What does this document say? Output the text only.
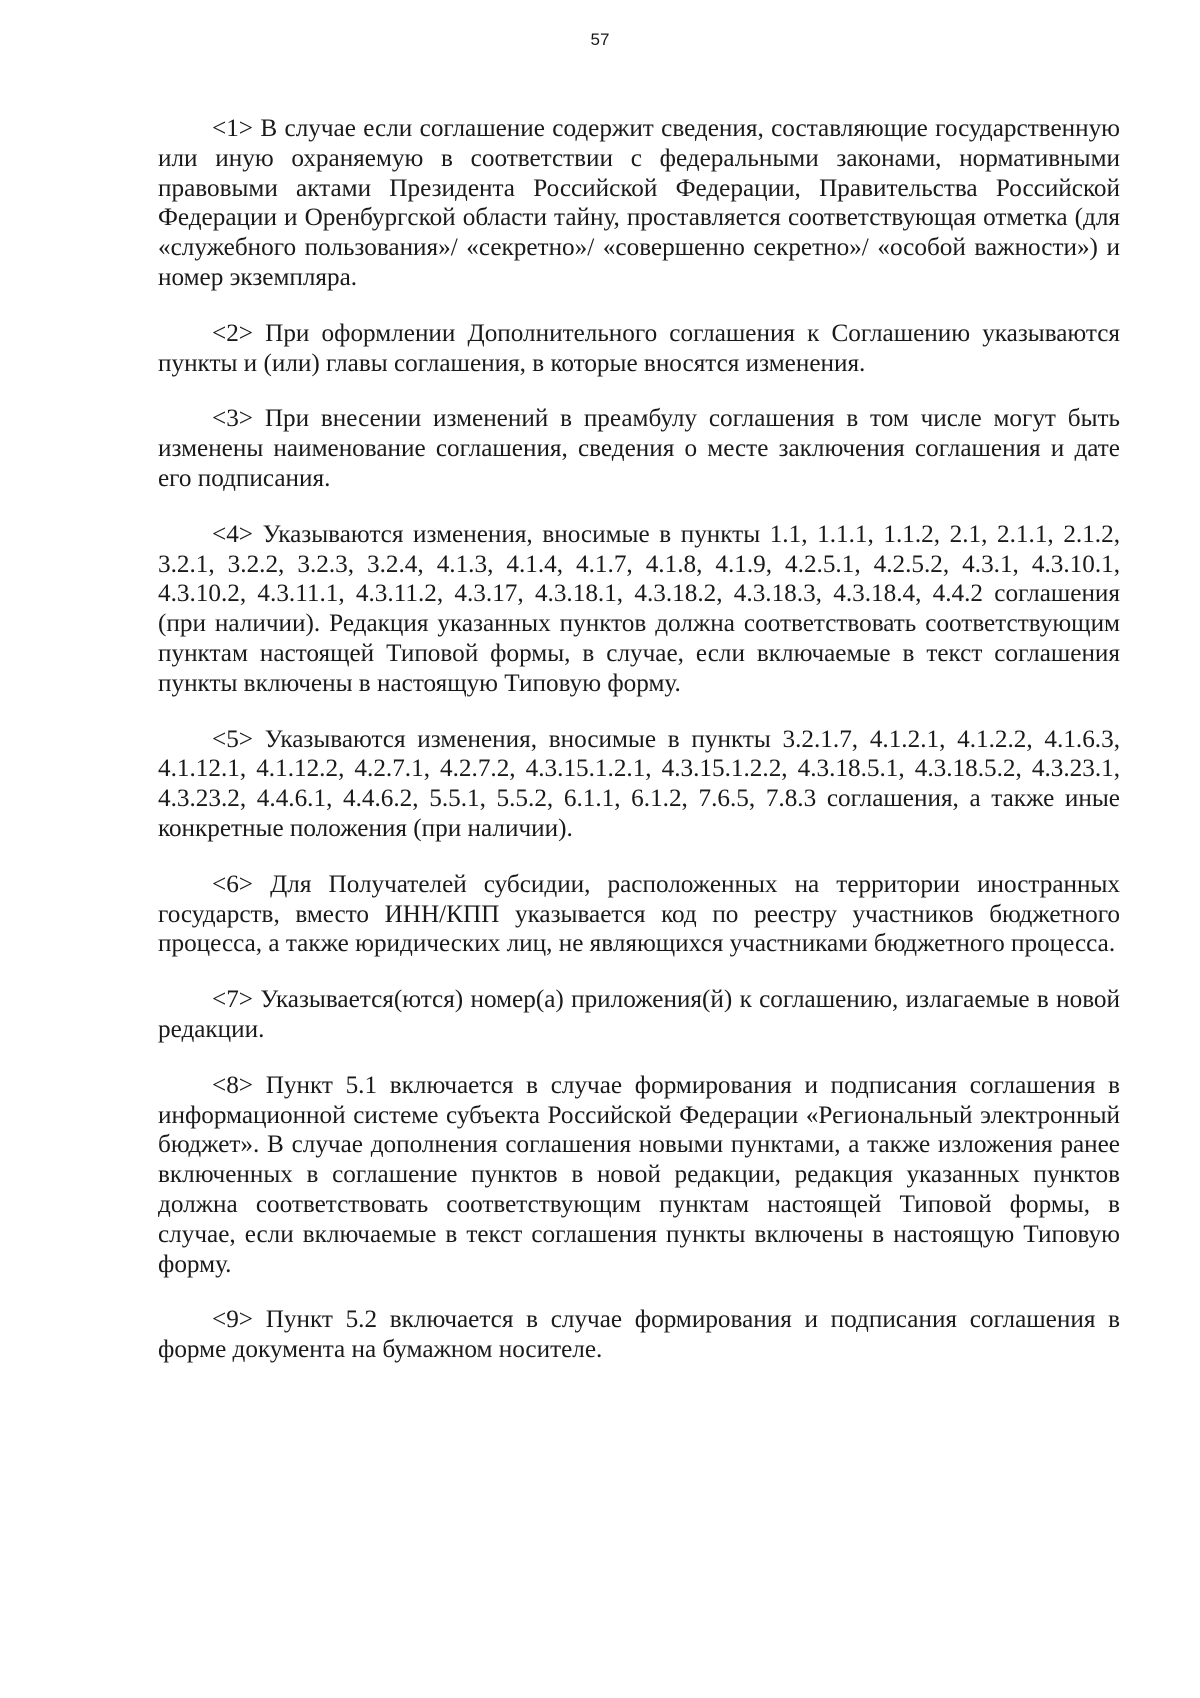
57

<1> В случае если соглашение содержит сведения, составляющие государственную или иную охраняемую в соответствии с федеральными законами, нормативными правовыми актами Президента Российской Федерации, Правительства Российской Федерации и Оренбургской области тайну, проставляется соответствующая отметка (для «служебного пользования»/ «секретно»/ «совершенно секретно»/ «особой важности») и номер экземпляра.

<2> При оформлении Дополнительного соглашения к Соглашению указываются пункты и (или) главы соглашения, в которые вносятся изменения.

<3> При внесении изменений в преамбулу соглашения в том числе могут быть изменены наименование соглашения, сведения о месте заключения соглашения и дате его подписания.

<4> Указываются изменения, вносимые в пункты 1.1, 1.1.1, 1.1.2, 2.1, 2.1.1, 2.1.2, 3.2.1, 3.2.2, 3.2.3, 3.2.4, 4.1.3, 4.1.4, 4.1.7, 4.1.8, 4.1.9, 4.2.5.1, 4.2.5.2, 4.3.1, 4.3.10.1, 4.3.10.2, 4.3.11.1, 4.3.11.2, 4.3.17, 4.3.18.1, 4.3.18.2, 4.3.18.3, 4.3.18.4, 4.4.2 соглашения (при наличии). Редакция указанных пунктов должна соответствовать соответствующим пунктам настоящей Типовой формы, в случае, если включаемые в текст соглашения пункты включены в настоящую Типовую форму.

<5> Указываются изменения, вносимые в пункты 3.2.1.7, 4.1.2.1, 4.1.2.2, 4.1.6.3, 4.1.12.1, 4.1.12.2, 4.2.7.1, 4.2.7.2, 4.3.15.1.2.1, 4.3.15.1.2.2, 4.3.18.5.1, 4.3.18.5.2, 4.3.23.1, 4.3.23.2, 4.4.6.1, 4.4.6.2, 5.5.1, 5.5.2, 6.1.1, 6.1.2, 7.6.5, 7.8.3 соглашения, а также иные конкретные положения (при наличии).

<6> Для Получателей субсидии, расположенных на территории иностранных государств, вместо ИНН/КПП указывается код по реестру участников бюджетного процесса, а также юридических лиц, не являющихся участниками бюджетного процесса.

<7> Указывается(ются) номер(а) приложения(й) к соглашению, излагаемые в новой редакции.

<8> Пункт 5.1 включается в случае формирования и подписания соглашения в информационной системе субъекта Российской Федерации «Региональный электронный бюджет». В случае дополнения соглашения новыми пунктами, а также изложения ранее включенных в соглашение пунктов в новой редакции, редакция указанных пунктов должна соответствовать соответствующим пунктам настоящей Типовой формы, в случае, если включаемые в текст соглашения пункты включены в настоящую Типовую форму.

<9> Пункт 5.2 включается в случае формирования и подписания соглашения в форме документа на бумажном носителе.
